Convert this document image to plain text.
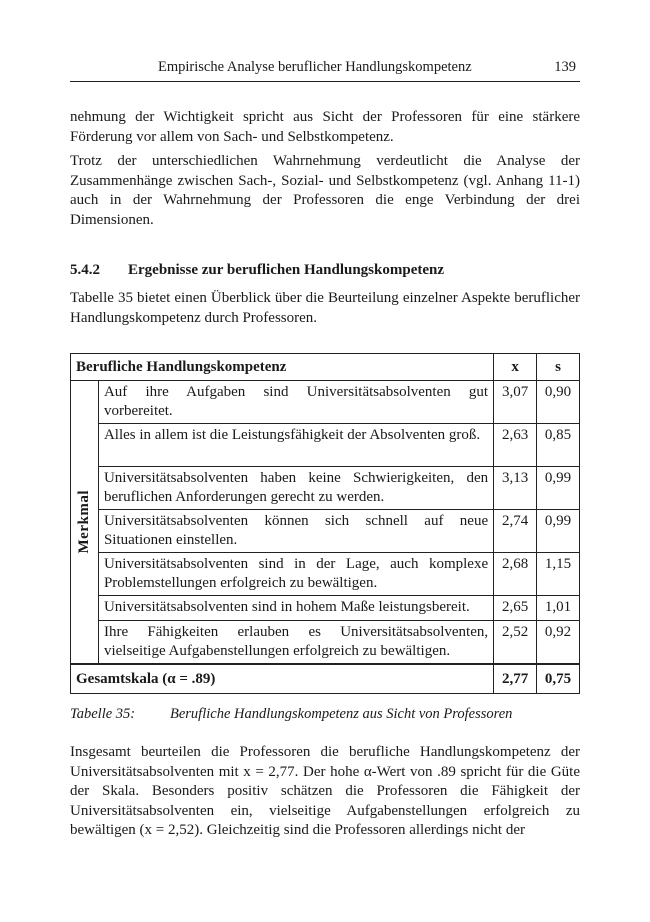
Empirische Analyse beruflicher Handlungskompetenz	139

nehmung der Wichtigkeit spricht aus Sicht der Professoren für eine stärkere Förderung vor allem von Sach- und Selbstkompetenz.

Trotz der unterschiedlichen Wahrnehmung verdeutlicht die Analyse der Zusammenhänge zwischen Sach-, Sozial- und Selbstkompetenz (vgl. Anhang 11-1) auch in der Wahrnehmung der Professoren die enge Verbindung der drei Dimensionen.

5.4.2 Ergebnisse zur beruflichen Handlungskompetenz

Tabelle 35 bietet einen Überblick über die Beurteilung einzelner Aspekte beruflicher Handlungskompetenz durch Professoren.

Berufliche Handlungskompetenz		x	s

Merkmal	Auf ihre Aufgaben sind Universitätsabsolventen gut vorbereitet.	3,07	0,90
	Alles in allem ist die Leistungsfähigkeit der Absolventen groß.	2,63	0,85
	Universitätsabsolventen haben keine Schwierigkeiten, den beruflichen Anforderungen gerecht zu werden.	3,13	0,99
	Universitätsabsolventen können sich schnell auf neue Situationen einstellen.	2,74	0,99
	Universitätsabsolventen sind in der Lage, auch komplexe Problemstellungen erfolgreich zu bewältigen.	2,68	1,15
	Universitätsabsolventen sind in hohem Maße leistungsbereit.	2,65	1,01
	Ihre Fähigkeiten erlauben es Universitätsabsolventen, vielseitige Aufgabenstellungen erfolgreich zu bewältigen.	2,52	0,92
Gesamtskala (α = .89)		2,77	0,75
Tabelle 35: Berufliche Handlungskompetenz aus Sicht von Professoren

Insgesamt beurteilen die Professoren die berufliche Handlungskompetenz der Universitätsabsolventen mit x = 2,77. Der hohe α-Wert von .89 spricht für die Güte der Skala. Besonders positiv schätzen die Professoren die Fähigkeit der Universitätsabsolventen ein, vielseitige Aufgabenstellungen erfolgreich zu bewältigen (x = 2,52). Gleichzeitig sind die Professoren allerdings nicht der
